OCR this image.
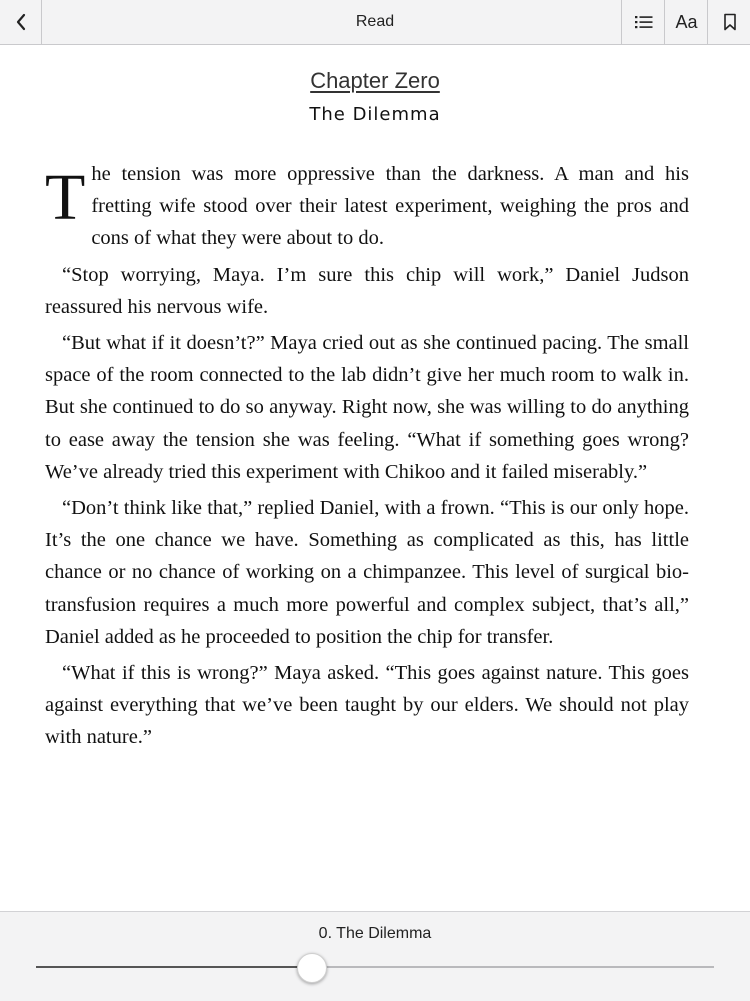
Read	Aa
Chapter Zero
The Dilemma

The tension was more oppressive than the darkness. A man and his fretting wife stood over their latest experiment, weighing the pros and cons of what they were about to do.

“Stop worrying, Maya. I’m sure this chip will work,” Daniel Judson reassured his nervous wife.

“But what if it doesn’t?” Maya cried out as she continued pacing. The small space of the room connected to the lab didn’t give her much room to walk in. But she continued to do so anyway. Right now, she was willing to do anything to ease away the tension she was feeling. “What if something goes wrong? We’ve already tried this experiment with Chikoo and it failed miserably.”

“Don’t think like that,” replied Daniel, with a frown. “This is our only hope. It’s the one chance we have. Something as complicated as this, has little chance or no chance of working on a chimpanzee. This level of surgical bio-transfusion requires a much more powerful and complex subject, that’s all,” Daniel added as he proceeded to position the chip for transfer.

“What if this is wrong?” Maya asked. “This goes against nature. This goes against everything that we’ve been taught by our elders. We should not play with nature.”

0. The Dilemma
